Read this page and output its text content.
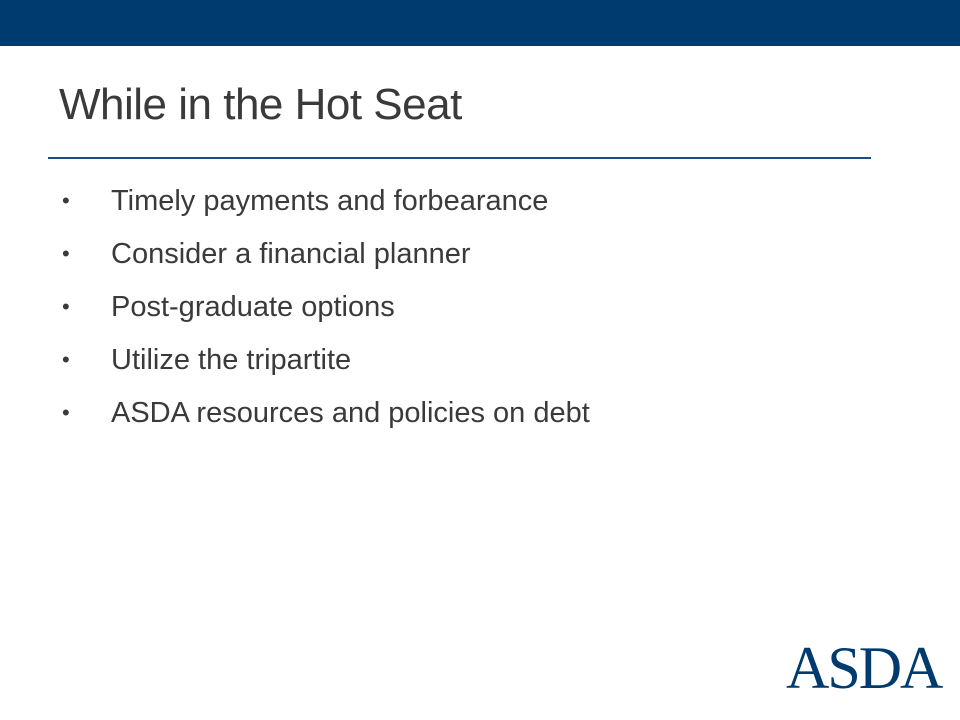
While in the Hot Seat
• Timely payments and forbearance
• Consider a financial planner
• Post-graduate options
• Utilize the tripartite
• ASDA resources and policies on debt
ASDA
